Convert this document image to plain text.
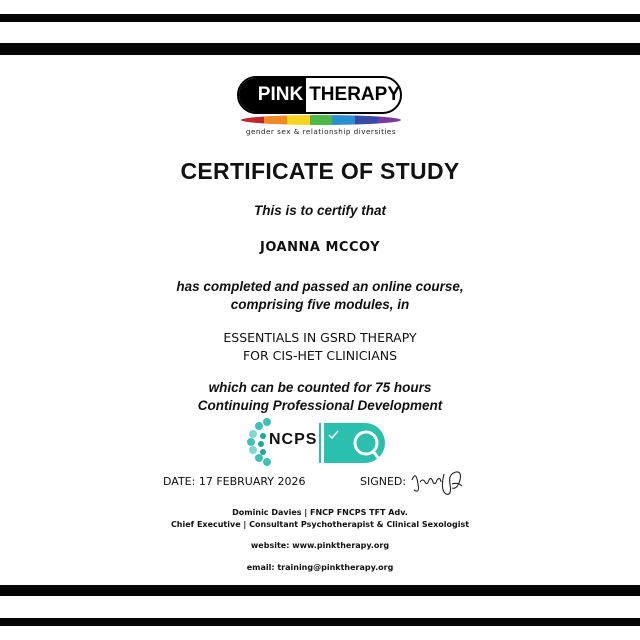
PINK THERAPY
gender sex & relationship diversities
CERTIFICATE OF STUDY
This is to certify that
JOANNA MCCOY
has completed and passed an online course,
comprising five modules, in
ESSENTIALS IN GSRD THERAPY
FOR CIS-HET CLINICIANS
which can be counted for 75 hours
Continuing Professional Development
NCPS
DATE: 17 FEBRUARY 2026	SIGNED:
Dominic Davies | FNCP FNCPS TFT Adv.
Chief Executive | Consultant Psychotherapist & Clinical Sexologist
website: www.pinktherapy.org
email: training@pinktherapy.org
